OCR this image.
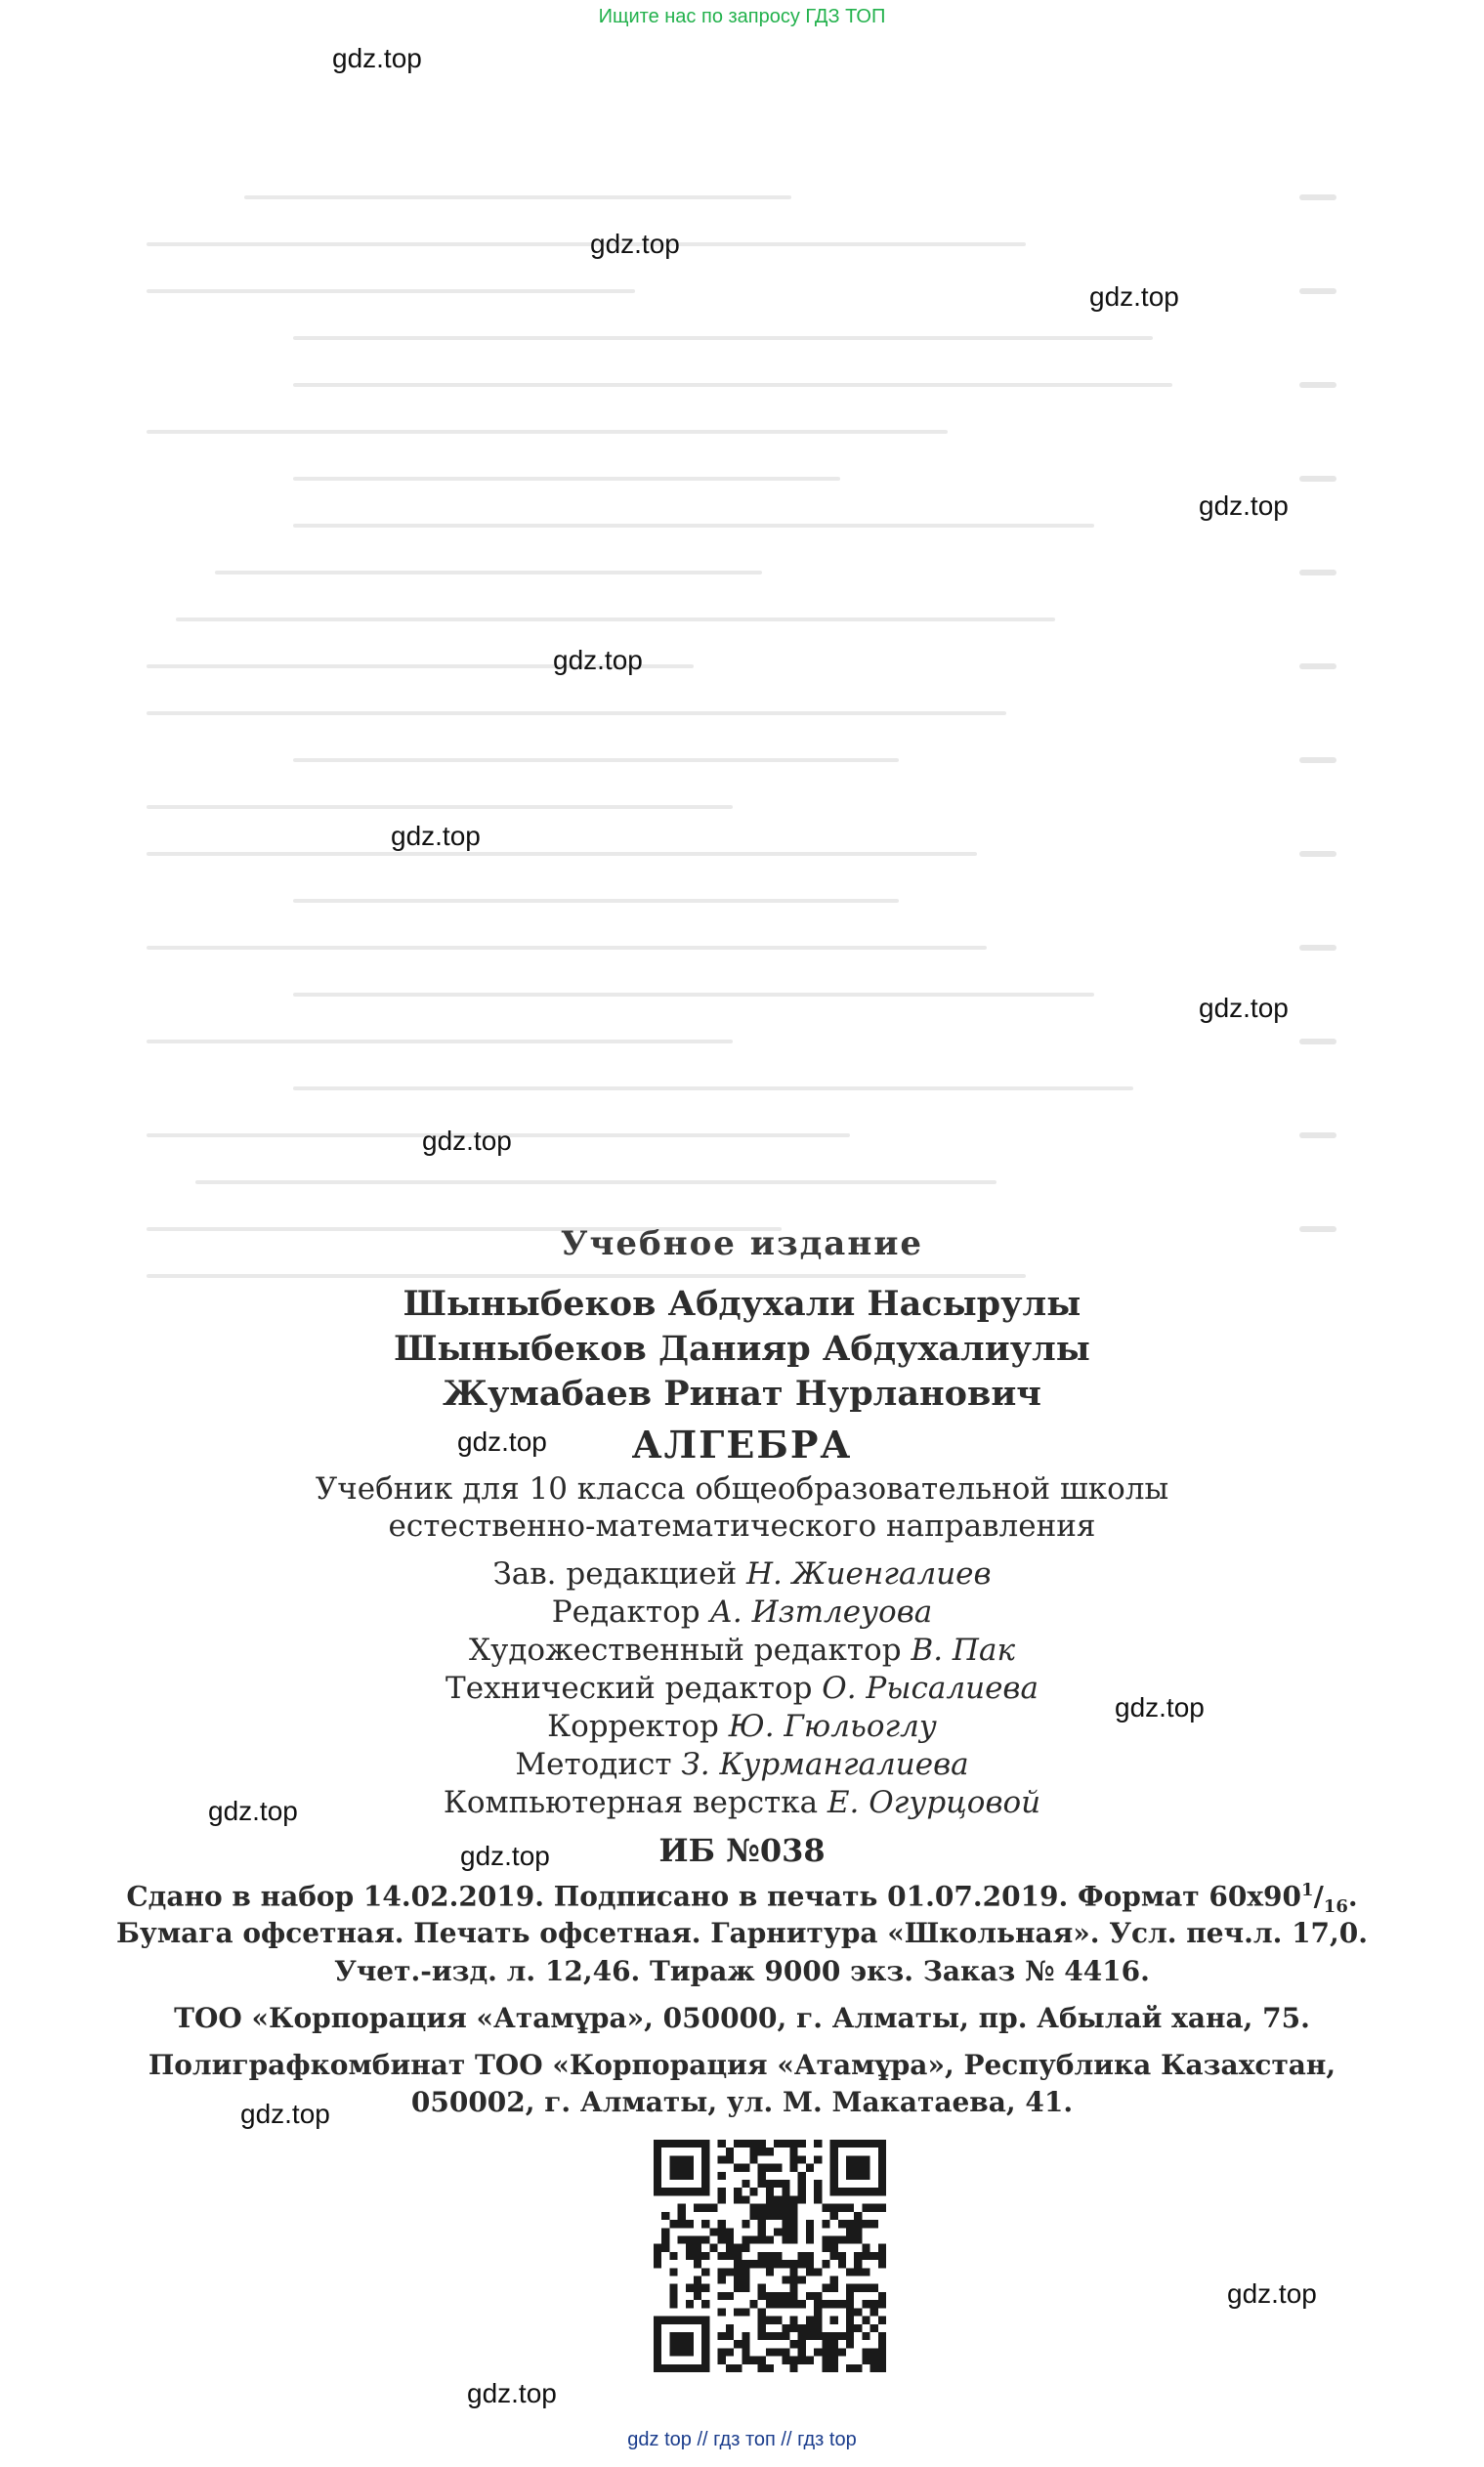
Ищите нас по запросу ГДЗ ТОП
gdz.top
gdz.top
gdz.top
gdz.top
gdz.top
gdz.top
gdz.top
gdz.top
gdz.top
gdz.top
gdz.top
gdz.top
gdz.top
gdz.top
gdz.top
Учебное издание
Шыныбеков Абдухали Насырулы
Шыныбеков Данияр Абдухалиулы
Жумабаев Ринат Нурланович
АЛГЕБРА
Учебник для 10 класса общеобразовательной школы
естественно-математического направления
Зав. редакцией Н. Жиенгалиев
Редактор А. Изтлеуова
Художественный редактор В. Пак
Технический редактор О. Рысалиева
Корректор Ю. Гюльоглу
Методист З. Курмангалиева
Компьютерная верстка Е. Огурцовой
ИБ №038
Сдано в набор 14.02.2019. Подписано в печать 01.07.2019. Формат $60х90^1/_{16}$.
Бумага офсетная. Печать офсетная. Гарнитура «Школьная». Усл. печ.л. 17,0.
Учет.-изд. л. 12,46. Тираж 9000 экз. Заказ № 4416.
ТОО «Корпорация «Атамұра», 050000, г. Алматы, пр. Абылай хана, 75.
Полиграфкомбинат ТОО «Корпорация «Атамұра», Республика Казахстан,
050002, г. Алматы, ул. М. Макатаева, 41.
gdz top // гдз топ // гдз top
